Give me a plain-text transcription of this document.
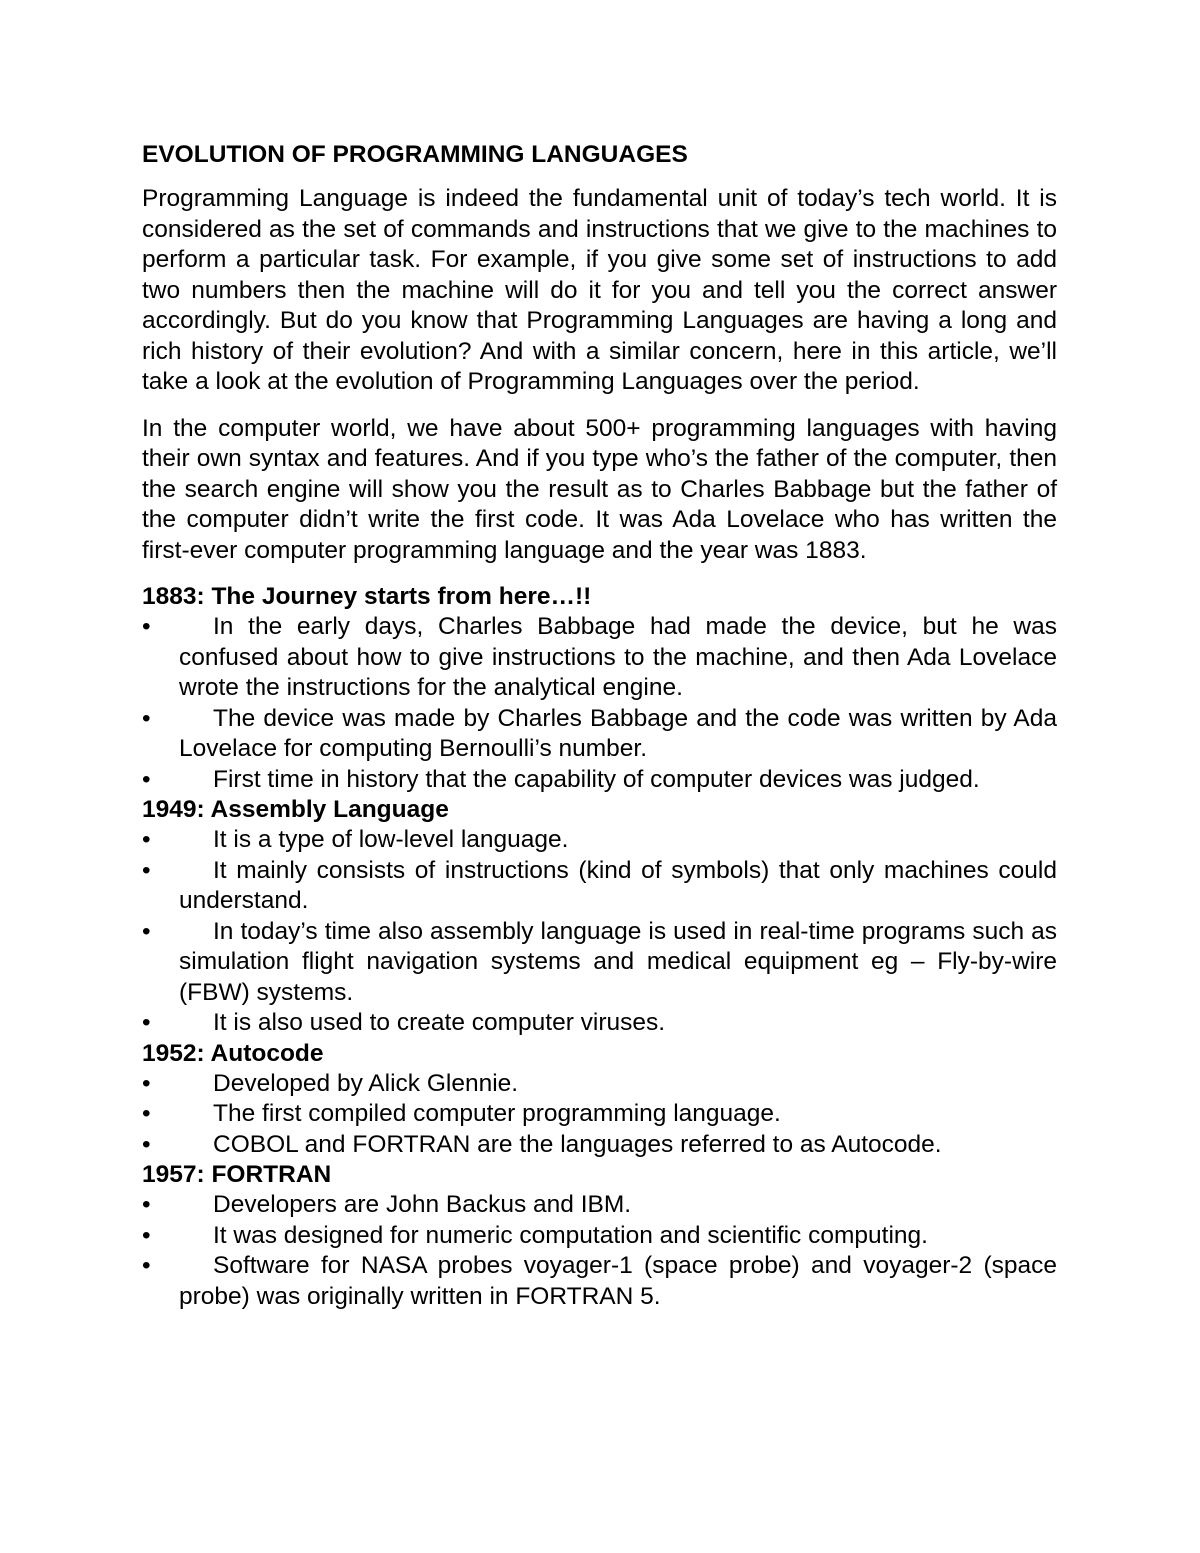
EVOLUTION OF PROGRAMMING LANGUAGES

Programming Language is indeed the fundamental unit of today’s tech world. It is considered as the set of commands and instructions that we give to the machines to perform a particular task. For example, if you give some set of instructions to add two numbers then the machine will do it for you and tell you the correct answer accordingly. But do you know that Programming Languages are having a long and rich history of their evolution? And with a similar concern, here in this article, we’ll take a look at the evolution of Programming Languages over the period.

In the computer world, we have about 500+ programming languages with having their own syntax and features. And if you type who’s the father of the computer, then the search engine will show you the result as to Charles Babbage but the father of the computer didn’t write the first code. It was Ada Lovelace who has written the first-ever computer programming language and the year was 1883.

1883: The Journey starts from here…!!
•	In the early days, Charles Babbage had made the device, but he was confused about how to give instructions to the machine, and then Ada Lovelace wrote the instructions for the analytical engine.
•	The device was made by Charles Babbage and the code was written by Ada Lovelace for computing Bernoulli’s number.
•	First time in history that the capability of computer devices was judged.
1949: Assembly Language
•	It is a type of low-level language.
•	It mainly consists of instructions (kind of symbols) that only machines could understand.
•	In today’s time also assembly language is used in real-time programs such as simulation flight navigation systems and medical equipment eg – Fly-by-wire (FBW) systems.
•	It is also used to create computer viruses.
1952: Autocode
•	Developed by Alick Glennie.
•	The first compiled computer programming language.
•	COBOL and FORTRAN are the languages referred to as Autocode.
1957: FORTRAN
•	Developers are John Backus and IBM.
•	It was designed for numeric computation and scientific computing.
•	Software for NASA probes voyager-1 (space probe) and voyager-2 (space probe) was originally written in FORTRAN 5.
